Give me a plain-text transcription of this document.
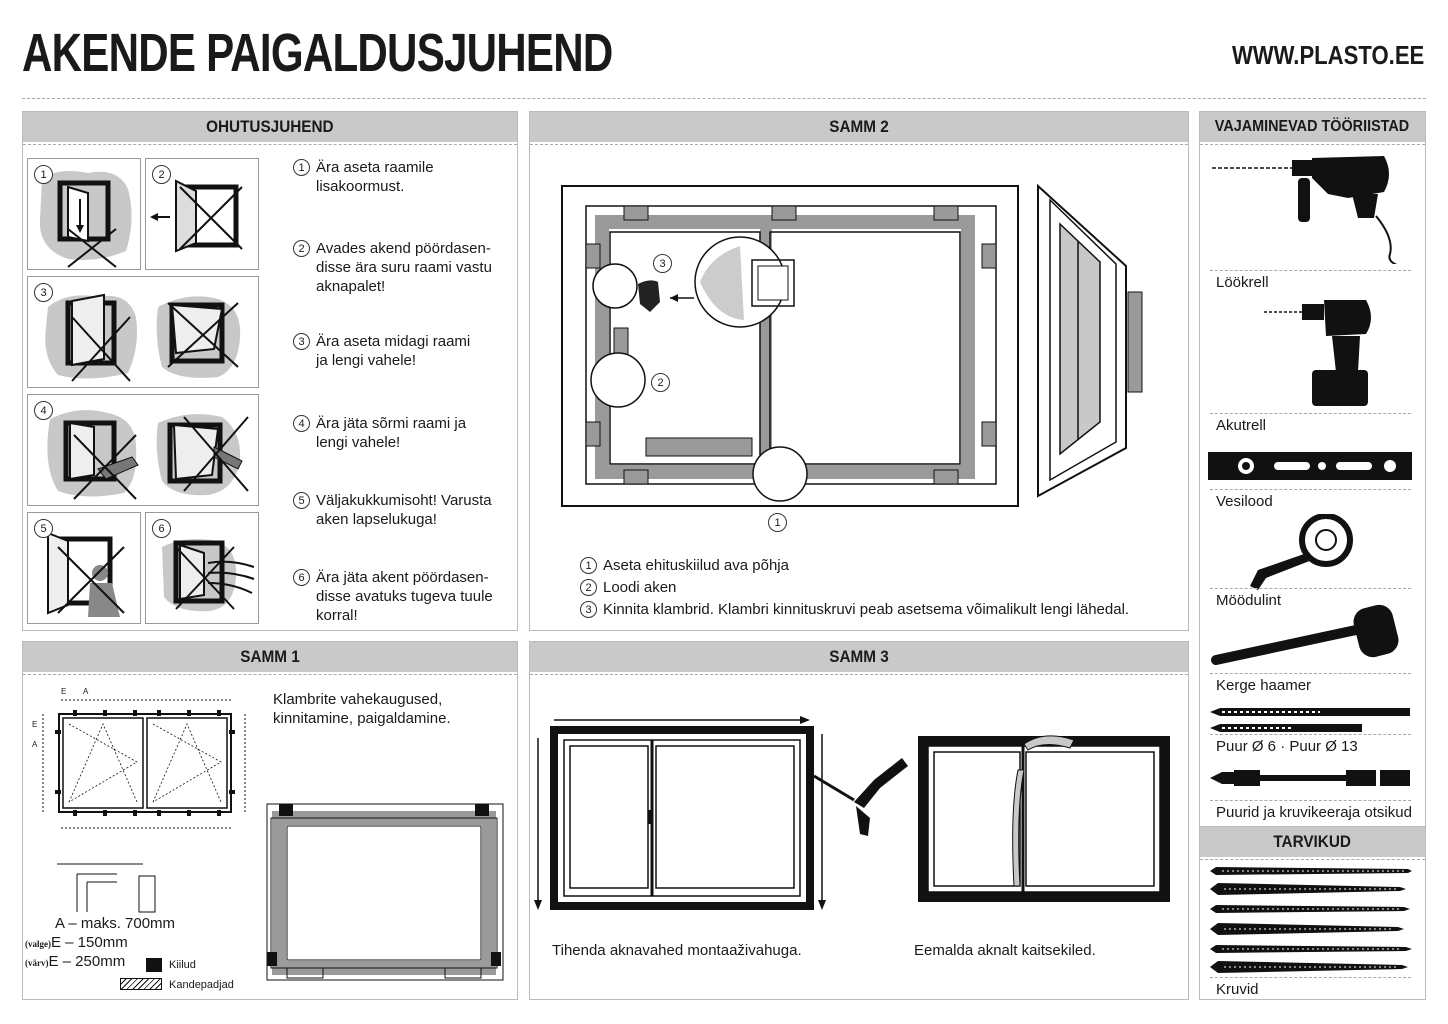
AKENDE PAIGALDUSJUHEND	WWW.PLASTO.EE
OHUTUSJUHEND
1	2
3
4
5	6
1 Ära aseta raamile lisakoormust.
2 Avades akend pöördasen-disse ära suru raami vastu aknapalet!
3 Ära aseta midagi raami ja lengi vahele!
4 Ära jäta sõrmi raami ja lengi vahele!
5 Väljakukkumisoht! Varusta aken lapselukuga!
6 Ära jäta akent pöördasen-disse avatuks tugeva tuule korral!
SAMM 2
1
2
3
1 Aseta ehituskiilud ava põhja
2 Loodi aken
3 Kinnita klambrid. Klambri kinnituskruvi peab asetsema võimalikult lengi lähedal.
VAJAMINEVAD TÖÖRIISTAD
Löökrell
Akutrell
Vesilood
Möödulint
Kerge haamer
Puur Ø 6 · Puur Ø 13
Puurid ja kruvikeeraja otsikud
TARVIKUD
Kruvid
SAMM 1
Klambrite vahekaugused, kinnitamine, paigaldamine.
A
E
A
E
A – maks. 700mm
(valge)E – 150mm
(värv)E – 250mm	Kiilud
Kandepadjad
SAMM 3
Tihenda aknavahed montaaživahuga.	Eemalda aknalt kaitsekiled.
